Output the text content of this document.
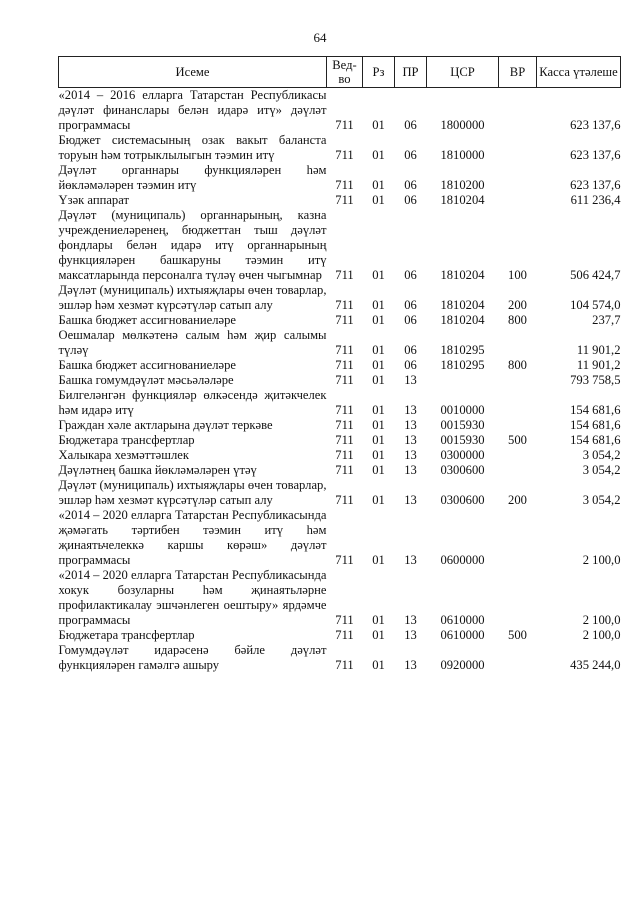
64
Исеме	Вед-во	Рз	ПР	ЦСР	ВР	Касса үтәлеше
«2014 – 2016 елларга Татарстан Республикасы дәүләт финанслары белән идарә итү» дәүләт программасы	711	01	06	1800000		623 137,6
Бюджет системасының озак вакыт баланста торуын һәм тотрыклылыгын тәэмин итү	711	01	06	1810000		623 137,6
Дәүләт органнары функцияләрен һәм йөкләмәләрен тәэмин итү	711	01	06	1810200		623 137,6
Үзәк аппарат	711	01	06	1810204		611 236,4
Дәүләт (муниципаль) органнарының, казна учреждениеләренең, бюджеттан тыш дәүләт фондлары белән идарә итү органнарының функцияләрен башкаруны тәэмин итү максатларында персоналга түләү өчен чыгымнар	711	01	06	1810204	100	506 424,7
Дәүләт (муниципаль) ихтыяҗлары өчен товарлар, эшләр һәм хезмәт күрсәтүләр сатып алу	711	01	06	1810204	200	104 574,0
Башка бюджет ассигнованиеләре	711	01	06	1810204	800	237,7
Оешмалар мөлкәтенә салым һәм җир салымы түләү	711	01	06	1810295		11 901,2
Башка бюджет ассигнованиеләре	711	01	06	1810295	800	11 901,2
Башка гомумдәүләт мәсьәләләре	711	01	13			793 758,5
Билгеләнгән функцияләр өлкәсендә җитәкчелек һәм идарә итү	711	01	13	0010000		154 681,6
Граждан хәле актларына дәүләт теркәве	711	01	13	0015930		154 681,6
Бюджетара трансфертлар	711	01	13	0015930	500	154 681,6
Халыкара хезмәттәшлек	711	01	13	0300000		3 054,2
Дәүләтнең башка йөкләмәләрен үтәү	711	01	13	0300600		3 054,2
Дәүләт (муниципаль) ихтыяҗлары өчен товарлар, эшләр һәм хезмәт күрсәтүләр сатып алу	711	01	13	0300600	200	3 054,2
«2014 – 2020 елларга Татарстан Республикасында җәмәгать тәртибен тәэмин итү һәм җинаятьчелеккә каршы көрәш» дәүләт программасы	711	01	13	0600000		2 100,0
«2014 – 2020 елларга Татарстан Республикасында хокук бозуларны һәм җинаятьләрне профилактикалау эшчәнлеген оештыру» ярдәмче программасы	711	01	13	0610000		2 100,0
Бюджетара трансфертлар	711	01	13	0610000	500	2 100,0
Гомумдәүләт идарәсенә бәйле дәүләт функцияләрен гамәлгә ашыру	711	01	13	0920000		435 244,0
